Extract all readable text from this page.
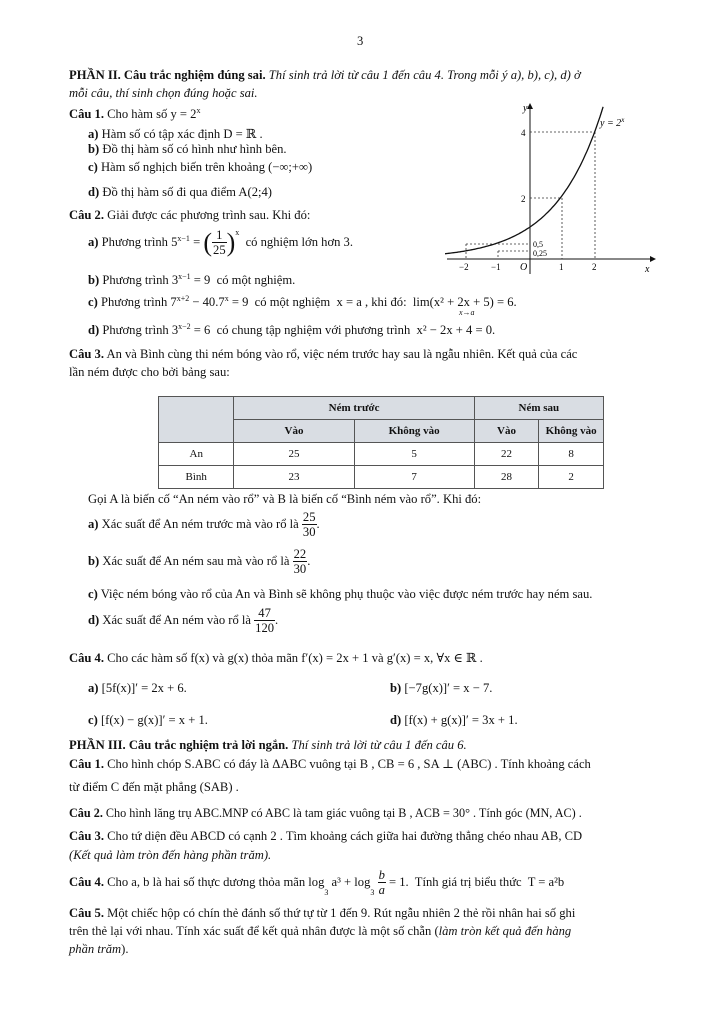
3
PHẦN II. Câu trắc nghiệm đúng sai. Thí sinh trả lời từ câu 1 đến câu 4. Trong mỗi ý a), b), c), d) ở
mỗi câu, thí sinh chọn đúng hoặc sai.
Câu 1. Cho hàm số $y = 2^x$
a) Hàm số có tập xác định D = ℝ .
b) Đồ thị hàm số có hình như hình bên.
c) Hàm số nghịch biến trên khoảng (−∞;+∞)
d) Đồ thị hàm số đi qua điểm A(2;4)
y
x
O
$y = 2^x$
4
2
0,5
0,25
−2 −1	1	2
Câu 2. Giải được các phương trình sau. Khi đó:
a)
Phương trình $5^{x-1}$ = ( $\frac{1}{25} )^x$
có nghiệm lớn hơn 3.
b) Phương trình $3^{x-1} = 9$  có một nghiệm.
c) Phương trình $7^{x+2} - 40.7^x = 9$  có một nghiệm  x = a , khi đó:  lim(x² + 2x + 5) = 6.
x→a
d) Phương trình $3^{x-2} = 6$  có chung tập nghiệm với phương trình  x² − 2x + 4 = 0.
Câu 3. An và Bình cùng thi ném bóng vào rổ, việc ném trước hay sau là ngẫu nhiên. Kết quả của các
lần ném được cho bởi bảng sau:
	Ném trước		Ném sau	
	Vào	Không vào	Vào	Không vào
An	25	5	22	8
Bình	23	7	28	2
Gọi A là biến cố “An ném vào rổ” và B là biến cố “Bình ném vào rổ”. Khi đó:
a)
Xác suất để An ném trước mà vào rổ là
$\frac{25}{30}$ .
b)
Xác suất để An ném sau mà vào rổ là
$\frac{22}{30}$ .
c) Việc ném bóng vào rổ của An và Bình sẽ không phụ thuộc vào việc được ném trước hay ném sau.
d)
Xác suất để An ném vào rổ là
$\frac{47}{120}$ .
Câu 4. Cho các hàm số f(x) và g(x) thỏa mãn f′(x) = 2x + 1 và g′(x) = x, ∀x ∈ ℝ .
a) [5f(x)]′ = 2x + 6.	b) [−7g(x)]′ = x − 7.
c) [f(x) − g(x)]′ = x + 1.	d) [f(x) + g(x)]′ = 3x + 1.
PHẦN III. Câu trắc nghiệm trả lời ngắn. Thí sinh trả lời từ câu 1 đến câu 6.
Câu 1. Cho hình chóp S.ABC có đáy là ΔABC vuông tại B , CB = 6 , SA ⊥ (ABC) . Tính khoảng cách
từ điểm C đến mặt phẳng (SAB) .
Câu 2. Cho hình lăng trụ ABC.MNP có ABC là tam giác vuông tại B , ACB = 30° . Tính góc (MN, AC) .
Câu 3. Cho tứ diện đều ABCD có cạnh 2 . Tìm khoảng cách giữa hai đường thẳng chéo nhau AB, CD
(Kết quả làm tròn đến hàng phần trăm).
Câu 4.
Cho a, b là hai số thực dương thỏa mãn log
$_3$
a³ + log
$_3$
$\frac{b}{a} = 1$.  Tính giá trị biểu thức  T = a²b
Câu 5. Một chiếc hộp có chín thẻ đánh số thứ tự từ 1 đến 9. Rút ngẫu nhiên 2 thẻ rồi nhân hai số ghi
trên thẻ lại với nhau. Tính xác suất để kết quả nhân được là một số chẵn (làm tròn kết quả đến hàng
phần trăm).
